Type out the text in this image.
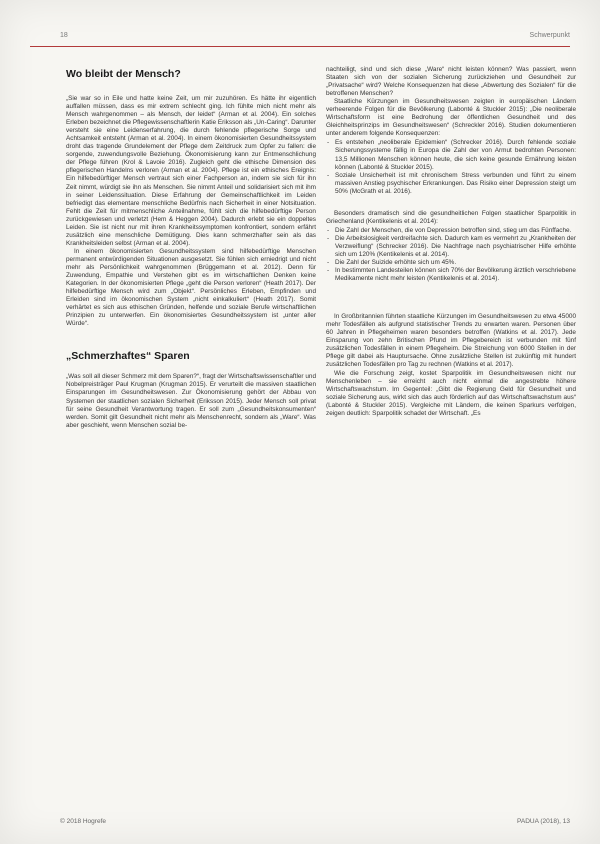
18	Schwerpunkt
Wo bleibt der Mensch?

„Sie war so in Eile und hatte keine Zeit, um mir zuzuhören. Es hätte ihr eigentlich auffallen müssen, dass es mir extrem schlecht ging. Ich fühlte mich nicht mehr als Mensch wahrgenommen – als Mensch, der leidet“ (Arman et al. 2004). Ein solches Erleben bezeichnet die Pflegewissenschaftlerin Katie Eriksson als „Un-Caring“. Darunter versteht sie eine Leidenserfahrung, die durch fehlende pflegerische Sorge und Achtsamkeit entsteht (Arman et al. 2004). In einem ökonomisierten Gesundheitssystem droht das tragende Grundelement der Pflege dem Zeitdruck zum Opfer zu fallen: die sorgende, zuwendungsvolle Beziehung. Ökonomisierung kann zur Entmenschlichung der Pflege führen (Krol & Lavoie 2016). Zugleich geht die ethische Dimension des pflegerischen Handelns verloren (Arman et al. 2004). Pflege ist ein ethisches Ereignis: Ein hilfebedürftiger Mensch vertraut sich einer Fachperson an, indem sie sich für ihn Zeit nimmt, würdigt sie ihn als Menschen. Sie nimmt Anteil und solidarisiert sich mit ihm in seiner Leidenssituation. Diese Erfahrung der Gemeinschaftlichkeit im Leiden befriedigt das elementare menschliche Bedürfnis nach Sicherheit in einer Notsituation. Fehlt die Zeit für mitmenschliche Anteilnahme, fühlt sich die hilfebedürftige Person zurückgewiesen und verletzt (Hem & Heggen 2004). Dadurch erlebt sie ein doppeltes Leiden. Sie ist nicht nur mit ihren Krankheitssymptomen konfrontiert, sondern erfährt zusätzlich eine menschliche Demütigung. Dies kann schmerzhafter sein als das Krankheitsleiden selbst (Arman et al. 2004).

In einem ökonomisierten Gesundheitssystem sind hilfebedürftige Menschen permanent entwürdigenden Situationen ausgesetzt. Sie fühlen sich erniedrigt und nicht mehr als Persönlichkeit wahrgenommen (Brüggemann et al. 2012). Denn für Zuwendung, Empathie und Verstehen gibt es im wirtschaftlichen Denken keine Kategorien. In der ökonomisierten Pflege „geht die Person verloren“ (Heath 2017). Der hilfebedürftige Mensch wird zum „Objekt“. Persönliches Erleben, Empfinden und Erleiden sind im ökonomischen System „nicht einkalkuliert“ (Heath 2017). Somit verhärtet es sich aus ethischen Gründen, helfende und soziale Berufe wirtschaftlichen Prinzipien zu unterwerfen. Ein ökonomisiertes Gesundheitssystem ist „unter aller Würde“.

„Schmerzhaftes“ Sparen

„Was soll all dieser Schmerz mit dem Sparen?“, fragt der Wirtschaftswissenschaftler und Nobelpreisträger Paul Krugman (Krugman 2015). Er verurteilt die massiven staatlichen Einsparungen im Gesundheitswesen. Zur Ökonomisierung gehört der Abbau von Systemen der staatlichen sozialen Sicherheit (Eriksson 2015). Jeder Mensch soll privat für seine Gesundheit Verantwortung tragen. Er soll zum „Gesundheitskonsumenten“ werden. Somit gilt Gesundheit nicht mehr als Menschenrecht, sondern als „Ware“. Was aber geschieht, wenn Menschen sozial be-

nachteiligt, sind und sich diese „Ware“ nicht leisten können? Was passiert, wenn Staaten sich von der sozialen Sicherung zurückziehen und Gesundheit zur „Privatsache“ wird? Welche Konsequenzen hat diese „Abwertung des Sozialen“ für die betroffenen Menschen?

Staatliche Kürzungen im Gesundheitswesen zeigten in europäischen Ländern verheerende Folgen für die Bevölkerung (Labonté & Stuckler 2015): „Die neoliberale Wirtschaftsform ist eine Bedrohung der öffentlichen Gesundheit und des Gleichheitsprinzips im Gesundheitswesen“ (Schreckler 2016). Studien dokumentieren unter anderem folgende Konsequenzen:

- Es entstehen „neoliberale Epidemien“ (Schrecker 2016). Durch fehlende soziale Sicherungssysteme fällig in Europa die Zahl der von Armut bedrohten Personen: 13,5 Millionen Menschen können heute, die sich keine gesunde Ernährung leisten können (Labonté & Stuckler 2015).
- Soziale Unsicherheit ist mit chronischem Stress verbunden und führt zu einem massiven Anstieg psychischer Erkrankungen. Das Risiko einer Depression steigt um 50% (McGrath et al. 2016).

Besonders dramatisch sind die gesundheitlichen Folgen staatlicher Sparpolitik in Griechenland (Kentikelenis et al. 2014):

- Die Zahl der Menschen, die von Depression betroffen sind, stieg um das Fünffache.
- Die Arbeitslosigkeit verdreifachte sich. Dadurch kam es vermehrt zu „Krankheiten der Verzweiflung“ (Schrecker 2016). Die Nachfrage nach psychiatrischer Hilfe erhöhte sich um 120% (Kentikelenis et al. 2014).
- Die Zahl der Suizide erhöhte sich um 45%.
- In bestimmten Landesteilen können sich 70% der Bevölkerung ärztlich verschriebene Medikamente nicht mehr leisten (Kentikelenis et al. 2014).

In Großbritannien führten staatliche Kürzungen im Gesundheitswesen zu etwa 45000 mehr Todesfällen als aufgrund statistischer Trends zu erwarten waren. Personen über 60 Jahren in Pflegeheimen waren besonders betroffen (Watkins et al. 2017). Jede Einsparung von zehn Britischen Pfund im Pflegebereich ist verbunden mit fünf zusätzlichen Todesfällen in einem Pflegeheim. Die Streichung von 6000 Stellen in der Pflege gilt dabei als Hauptursache. Ohne zusätzliche Stellen ist zukünftig mit hundert zusätzlichen Todesfällen pro Tag zu rechnen (Watkins et al. 2017).

Wie die Forschung zeigt, kostet Sparpolitik im Gesundheitswesen nicht nur Menschenleben – sie erreicht auch nicht einmal die angestrebte höhere Wirtschaftswachstum. Im Gegenteil: „Gibt die Regierung Geld für Gesundheit und soziale Sicherung aus, wirkt sich das auch förderlich auf das Wirtschaftswachstum aus“ (Labonté & Stuckler 2015). Vergleiche mit Ländern, die keinen Sparkurs verfolgen, zeigen deutlich: Sparpolitik schadet der Wirtschaft. „Es

© 2018 Hogrefe	PADUA (2018), 13
